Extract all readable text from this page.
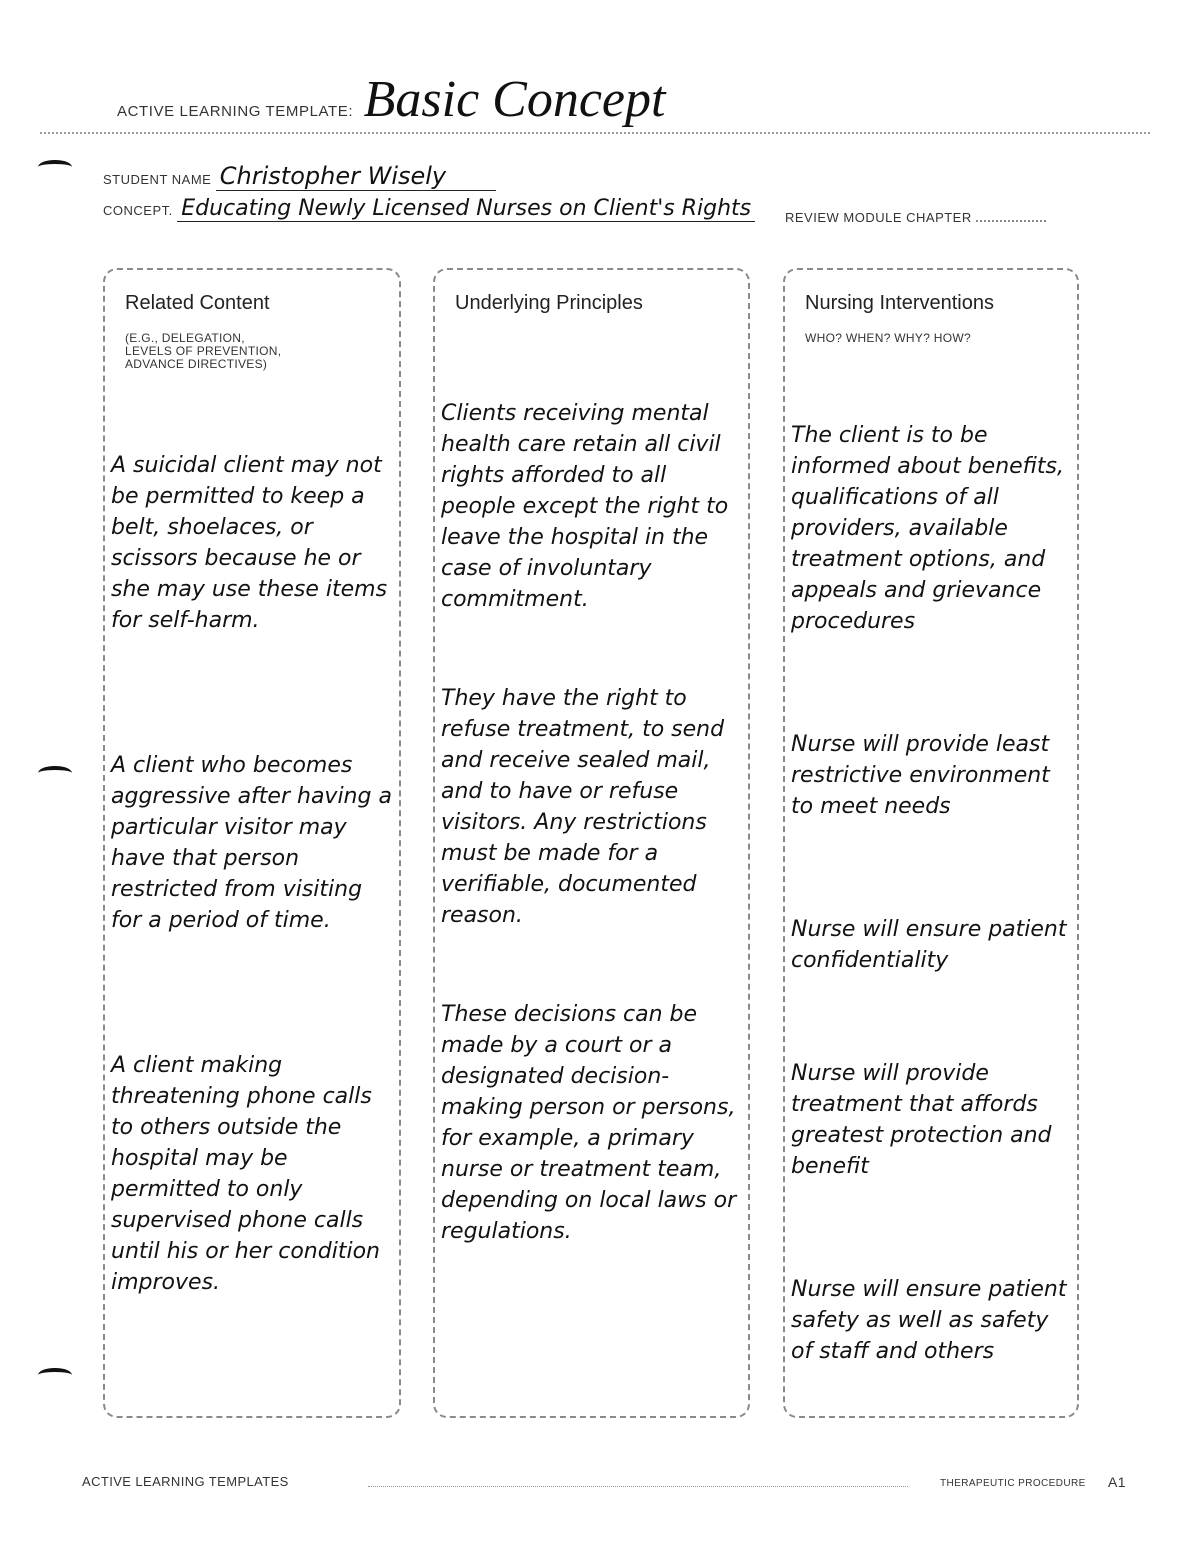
ACTIVE LEARNING TEMPLATE: Basic Concept
STUDENT NAME Christopher Wisely
CONCEPT. Educating Newly Licensed Nurses on Client's Rights	REVIEW MODULE CHAPTER
Related Content
(E.G., DELEGATION,
LEVELS OF PREVENTION,
ADVANCE DIRECTIVES)

A suicidal client may not be permitted to keep a belt, shoelaces, or scissors because he or she may use these items for self-harm.

A client who becomes aggressive after having a particular visitor may have that person restricted from visiting for a period of time.

A client making threatening phone calls to others outside the hospital may be permitted to only supervised phone calls until his or her condition improves.

Underlying Principles

Clients receiving mental health care retain all civil rights afforded to all people except the right to leave the hospital in the case of involuntary commitment.

They have the right to refuse treatment, to send and receive sealed mail, and to have or refuse visitors. Any restrictions must be made for a verifiable, documented reason.

These decisions can be made by a court or a designated decision-making person or persons, for example, a primary nurse or treatment team, depending on local laws or regulations.

Nursing Interventions
WHO? WHEN? WHY? HOW?

The client is to be informed about benefits, qualifications of all providers, available treatment options, and appeals and grievance procedures

Nurse will provide least restrictive environment to meet needs

Nurse will ensure patient confidentiality

Nurse will provide treatment that affords greatest protection and benefit

Nurse will ensure patient safety as well as safety of staff and others

ACTIVE LEARNING TEMPLATES	THERAPEUTIC PROCEDURE A1
